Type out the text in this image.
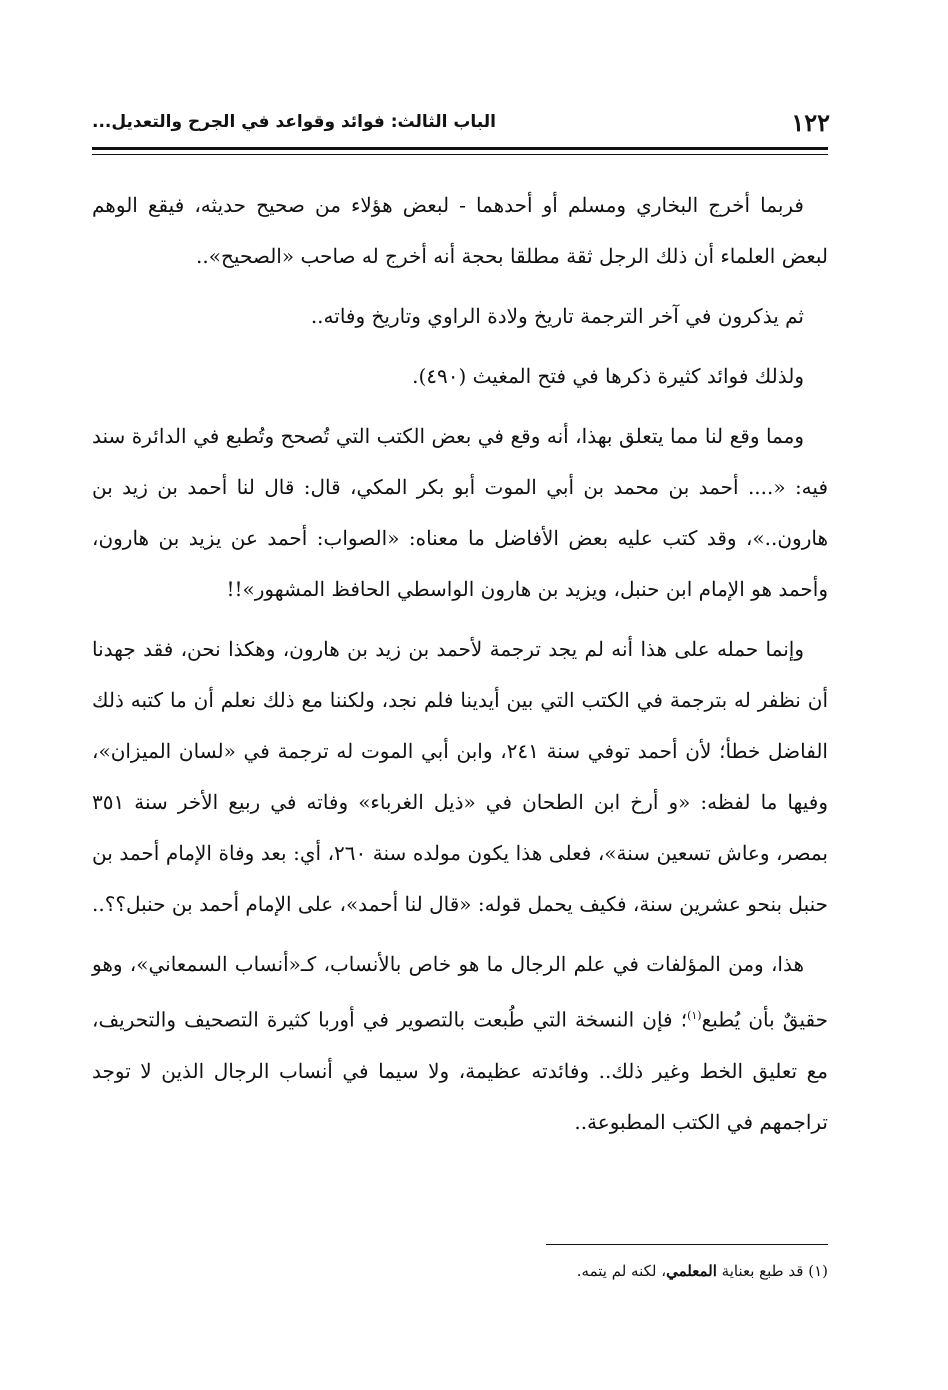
١٢٢
الباب الثالث: فوائد وقواعد في الجرح والتعديل...

فربما أخرج البخاري ومسلم أو أحدهما - لبعض هؤلاء من صحيح حديثه، فيقع الوهم لبعض العلماء أن ذلك الرجل ثقة مطلقا بحجة أنه أخرج له صاحب «الصحيح»..

ثم يذكرون في آخر الترجمة تاريخ ولادة الراوي وتاريخ وفاته..

ولذلك فوائد كثيرة ذكرها في فتح المغيث (٤٩٠).

ومما وقع لنا مما يتعلق بهذا، أنه وقع في بعض الكتب التي تُصحح وتُطبع في الدائرة سند فيه: «.... أحمد بن محمد بن أبي الموت أبو بكر المكي، قال: قال لنا أحمد بن زيد بن هارون..»، وقد كتب عليه بعض الأفاضل ما معناه: «الصواب: أحمد عن يزيد بن هارون، وأحمد هو الإمام ابن حنبل، ويزيد بن هارون الواسطي الحافظ المشهور»!!

وإنما حمله على هذا أنه لم يجد ترجمة لأحمد بن زيد بن هارون، وهكذا نحن، فقد جهدنا أن نظفر له بترجمة في الكتب التي بين أيدينا فلم نجد، ولكننا مع ذلك نعلم أن ما كتبه ذلك الفاضل خطأ؛ لأن أحمد توفي سنة ٢٤١، وابن أبي الموت له ترجمة في «لسان الميزان»، وفيها ما لفظه: «و أرخ ابن الطحان في «ذيل الغرباء» وفاته في ربيع الأخر سنة ٣٥١ بمصر، وعاش تسعين سنة»، فعلى هذا يكون مولده سنة ٢٦٠، أي: بعد وفاة الإمام أحمد بن حنبل بنحو عشرين سنة، فكيف يحمل قوله: «قال لنا أحمد»، على الإمام أحمد بن حنبل؟؟..

هذا، ومن المؤلفات في علم الرجال ما هو خاص بالأنساب، كـ«أنساب السمعاني»، وهو حقيقٌ بأن يُطبع$^{(١)}$؛ فإن النسخة التي طُبعت بالتصوير في أوربا كثيرة التصحيف والتحريف، مع تعليق الخط وغير ذلك.. وفائدته عظيمة، ولا سيما في أنساب الرجال الذين لا توجد تراجمهم في الكتب المطبوعة..

(١) قد طبع بعناية المعلمي، لكنه لم يتمه.
